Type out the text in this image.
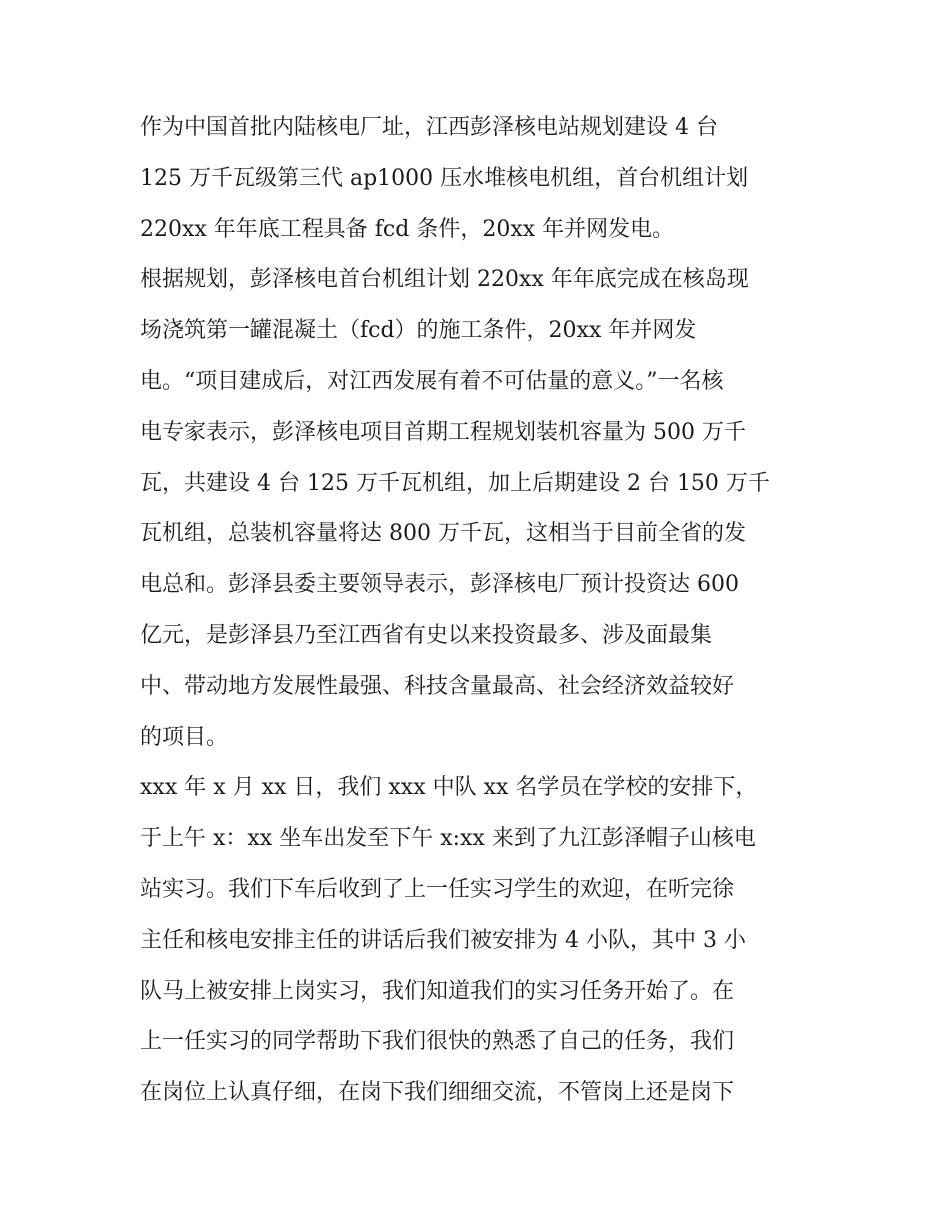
作为中国首批内陆核电厂址，江西彭泽核电站规划建设 4 台
125 万千瓦级第三代 ap1000 压水堆核电机组，首台机组计划
220xx 年年底工程具备 fcd 条件，20xx 年并网发电。
根据规划，彭泽核电首台机组计划 220xx 年年底完成在核岛现
场浇筑第一罐混凝土（fcd）的施工条件，20xx 年并网发
电。“项目建成后，对江西发展有着不可估量的意义。”一名核
电专家表示，彭泽核电项目首期工程规划装机容量为 500 万千
瓦，共建设 4 台 125 万千瓦机组，加上后期建设 2 台 150 万千
瓦机组，总装机容量将达 800 万千瓦，这相当于目前全省的发
电总和。彭泽县委主要领导表示，彭泽核电厂预计投资达 600
亿元，是彭泽县乃至江西省有史以来投资最多、涉及面最集
中、带动地方发展性最强、科技含量最高、社会经济效益较好
的项目。
xxx 年 x 月 xx 日，我们 xxx 中队 xx 名学员在学校的安排下，
于上午 x：xx 坐车出发至下午 x:xx 来到了九江彭泽帽子山核电
站实习。我们下车后收到了上一任实习学生的欢迎，在听完徐
主任和核电安排主任的讲话后我们被安排为 4 小队，其中 3 小
队马上被安排上岗实习，我们知道我们的实习任务开始了。在
上一任实习的同学帮助下我们很快的熟悉了自己的任务，我们
在岗位上认真仔细，在岗下我们细细交流，不管岗上还是岗下
